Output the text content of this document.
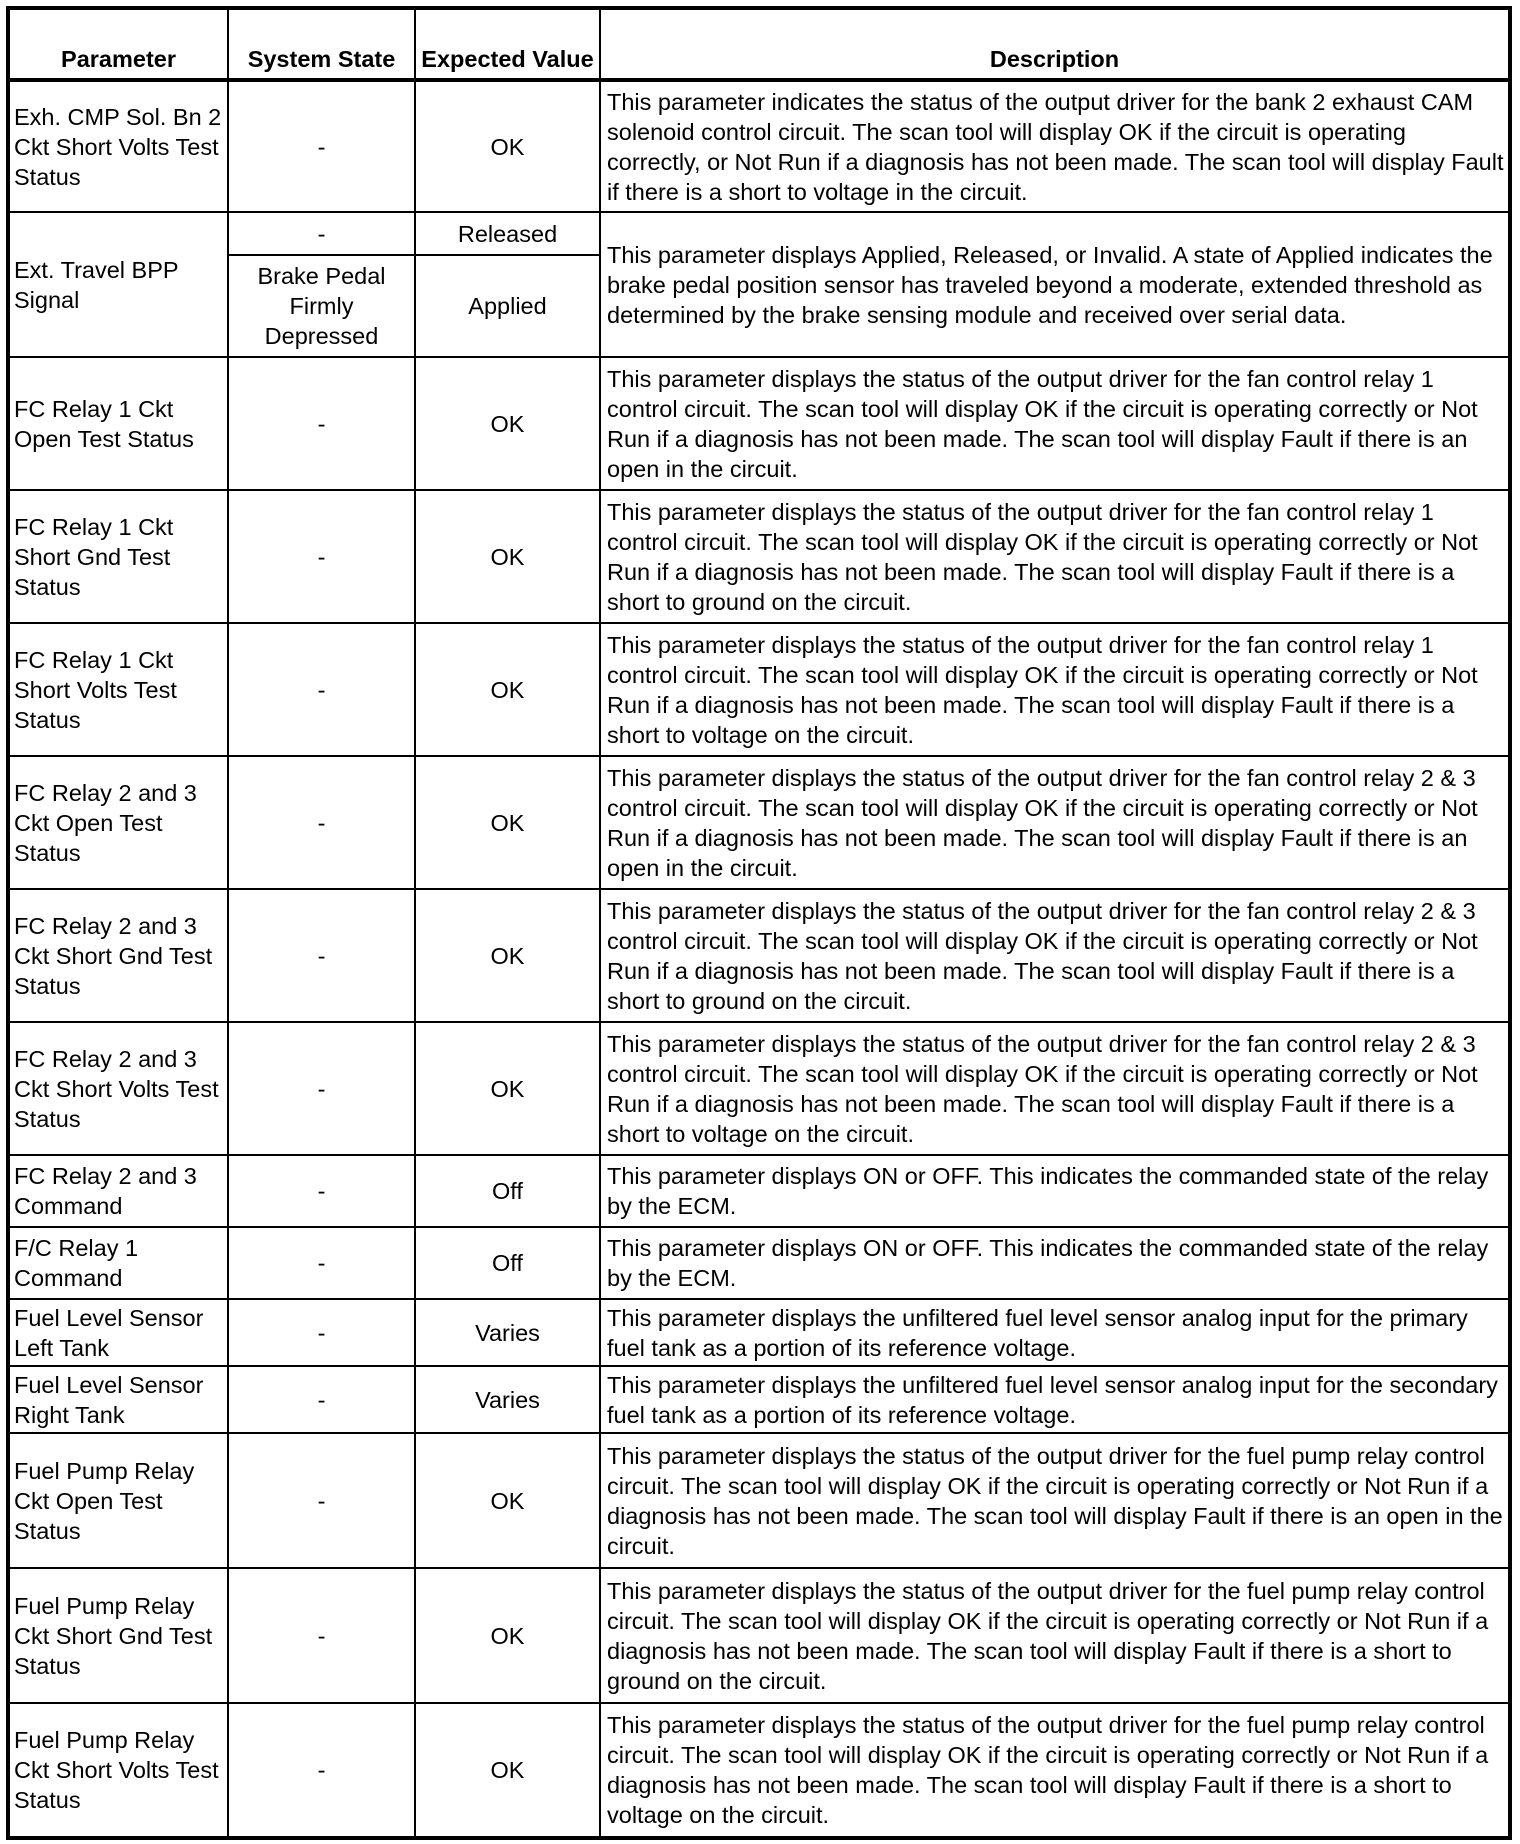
Parameter	System State	Expected Value	Description
Exh. CMP Sol. Bn 2 Ckt Short Volts Test Status	-	OK	This parameter indicates the status of the output driver for the bank 2 exhaust CAM solenoid control circuit. The scan tool will display OK if the circuit is operating correctly, or Not Run if a diagnosis has not been made. The scan tool will display Fault if there is a short to voltage in the circuit.
Ext. Travel BPP Signal	-	Released	This parameter displays Applied, Released, or Invalid. A state of Applied indicates the brake pedal position sensor has traveled beyond a moderate, extended threshold as determined by the brake sensing module and received over serial data.
	Brake Pedal Firmly Depressed	Applied	
FC Relay 1 Ckt Open Test Status	-	OK	This parameter displays the status of the output driver for the fan control relay 1 control circuit. The scan tool will display OK if the circuit is operating correctly or Not Run if a diagnosis has not been made. The scan tool will display Fault if there is an open in the circuit.
FC Relay 1 Ckt Short Gnd Test Status	-	OK	This parameter displays the status of the output driver for the fan control relay 1 control circuit. The scan tool will display OK if the circuit is operating correctly or Not Run if a diagnosis has not been made. The scan tool will display Fault if there is a short to ground on the circuit.
FC Relay 1 Ckt Short Volts Test Status	-	OK	This parameter displays the status of the output driver for the fan control relay 1 control circuit. The scan tool will display OK if the circuit is operating correctly or Not Run if a diagnosis has not been made. The scan tool will display Fault if there is a short to voltage on the circuit.
FC Relay 2 and 3 Ckt Open Test Status	-	OK	This parameter displays the status of the output driver for the fan control relay 2 & 3 control circuit. The scan tool will display OK if the circuit is operating correctly or Not Run if a diagnosis has not been made. The scan tool will display Fault if there is an open in the circuit.
FC Relay 2 and 3 Ckt Short Gnd Test Status	-	OK	This parameter displays the status of the output driver for the fan control relay 2 & 3 control circuit. The scan tool will display OK if the circuit is operating correctly or Not Run if a diagnosis has not been made. The scan tool will display Fault if there is a short to ground on the circuit.
FC Relay 2 and 3 Ckt Short Volts Test Status	-	OK	This parameter displays the status of the output driver for the fan control relay 2 & 3 control circuit. The scan tool will display OK if the circuit is operating correctly or Not Run if a diagnosis has not been made. The scan tool will display Fault if there is a short to voltage on the circuit.
FC Relay 2 and 3 Command	-	Off	This parameter displays ON or OFF. This indicates the commanded state of the relay by the ECM.
F/C Relay 1 Command	-	Off	This parameter displays ON or OFF. This indicates the commanded state of the relay by the ECM.
Fuel Level Sensor Left Tank	-	Varies	This parameter displays the unfiltered fuel level sensor analog input for the primary fuel tank as a portion of its reference voltage.
Fuel Level Sensor Right Tank	-	Varies	This parameter displays the unfiltered fuel level sensor analog input for the secondary fuel tank as a portion of its reference voltage.
Fuel Pump Relay Ckt Open Test Status	-	OK	This parameter displays the status of the output driver for the fuel pump relay control circuit. The scan tool will display OK if the circuit is operating correctly or Not Run if a diagnosis has not been made. The scan tool will display Fault if there is an open in the circuit.
Fuel Pump Relay Ckt Short Gnd Test Status	-	OK	This parameter displays the status of the output driver for the fuel pump relay control circuit. The scan tool will display OK if the circuit is operating correctly or Not Run if a diagnosis has not been made. The scan tool will display Fault if there is a short to ground on the circuit.
Fuel Pump Relay Ckt Short Volts Test Status	-	OK	This parameter displays the status of the output driver for the fuel pump relay control circuit. The scan tool will display OK if the circuit is operating correctly or Not Run if a diagnosis has not been made. The scan tool will display Fault if there is a short to voltage on the circuit.
